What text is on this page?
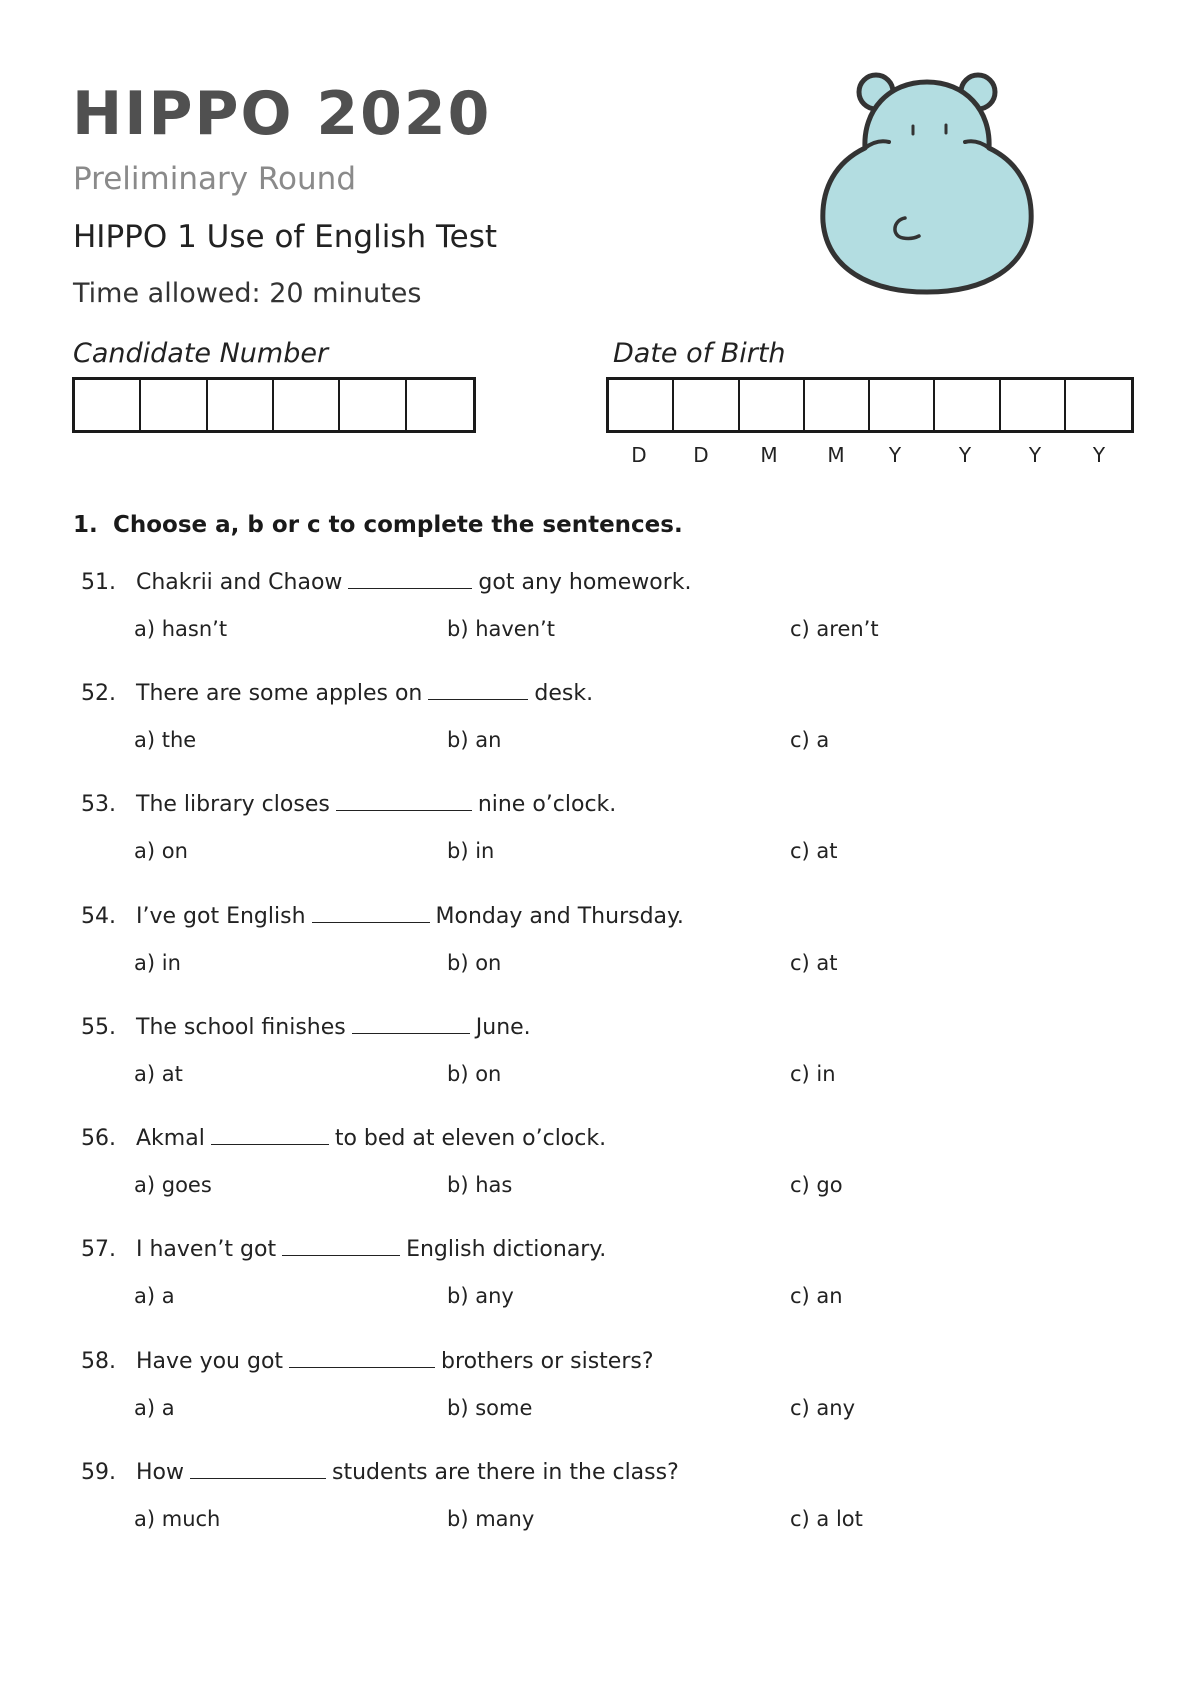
HIPPO 2020
Preliminary Round
HIPPO 1 Use of English Test
Time allowed: 20 minutes
Candidate Number	Date of Birth
D	D	M	M	Y	Y	Y	Y
1. Choose a, b or c to complete the sentences.
51. Chakrii and Chaow	got any homework.
a) hasn’t	b) haven’t	c) aren’t
52. There are some apples on	desk.
a) the	b) an	c) a
53. The library closes	nine o’clock.
a) on	b) in	c) at
54. I’ve got English	Monday and Thursday.
a) in	b) on	c) at
55. The school finishes	June.
a) at	b) on	c) in
56. Akmal	to bed at eleven o’clock.
a) goes	b) has	c) go
57. I haven’t got	English dictionary.
a) a	b) any	c) an
58. Have you got	brothers or sisters?
a) a	b) some	c) any
59. How	students are there in the class?
a) much	b) many	c) a lot
